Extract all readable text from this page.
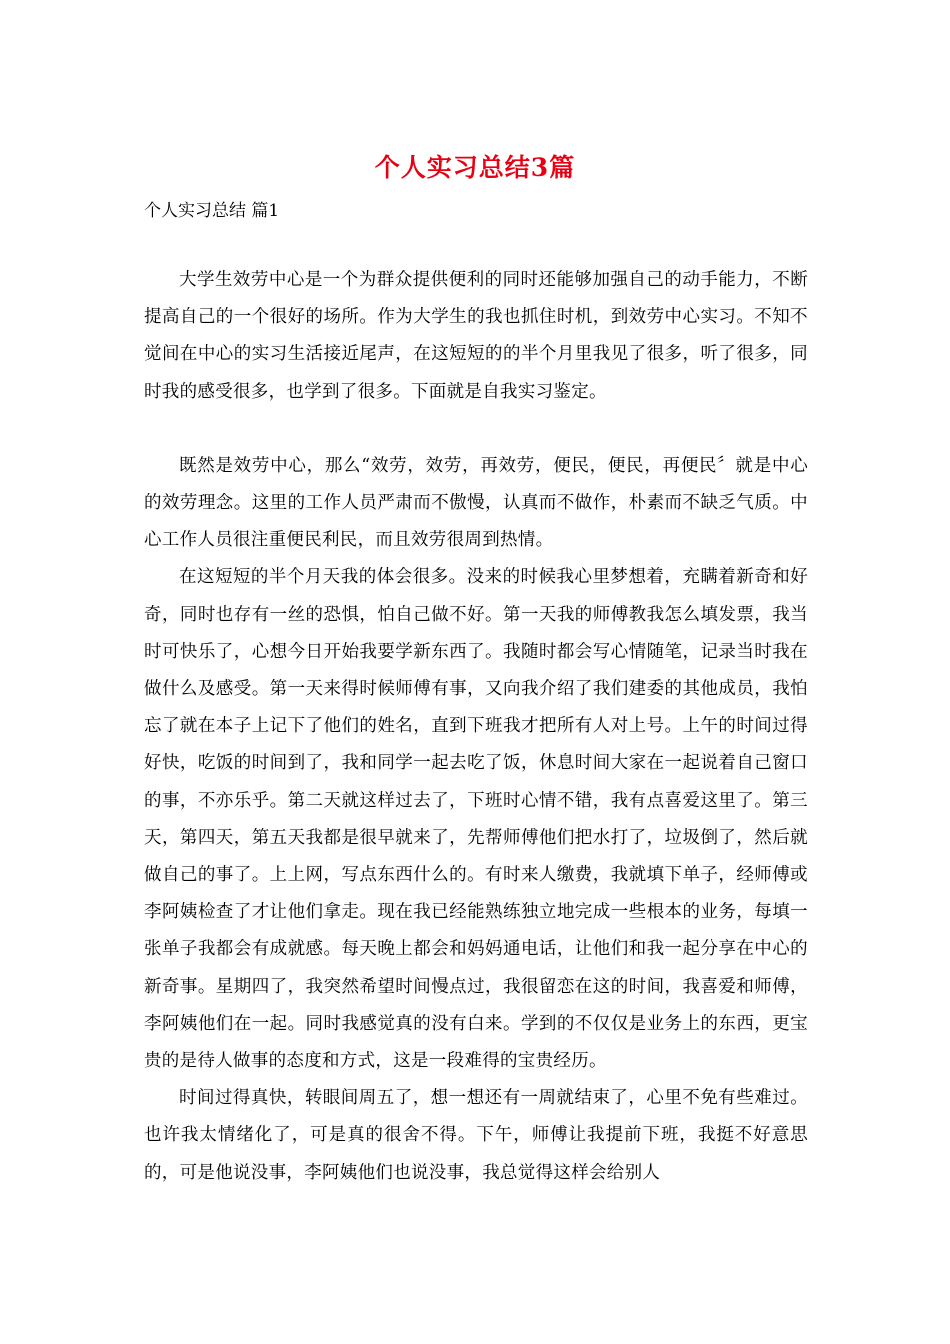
个人实习总结3篇

个人实习总结 篇1

大学生效劳中心是一个为群众提供便利的同时还能够加强自己的动手能力，不断提高自己的一个很好的场所。作为大学生的我也抓住时机，到效劳中心实习。不知不觉间在中心的实习生活接近尾声，在这短短的的半个月里我见了很多，听了很多，同时我的感受很多，也学到了很多。下面就是自我实习鉴定。

既然是效劳中心，那么“效劳，效劳，再效劳，便民，便民，再便民〞就是中心的效劳理念。这里的工作人员严肃而不傲慢，认真而不做作，朴素而不缺乏气质。中心工作人员很注重便民利民，而且效劳很周到热情。

在这短短的半个月天我的体会很多。没来的时候我心里梦想着，充瞒着新奇和好奇，同时也存有一丝的恐惧，怕自己做不好。第一天我的师傅教我怎么填发票，我当时可快乐了，心想今日开始我要学新东西了。我随时都会写心情随笔，记录当时我在做什么及感受。第一天来得时候师傅有事，又向我介绍了我们建委的其他成员，我怕忘了就在本子上记下了他们的姓名，直到下班我才把所有人对上号。上午的时间过得好快，吃饭的时间到了，我和同学一起去吃了饭，休息时间大家在一起说着自己窗口的事，不亦乐乎。第二天就这样过去了，下班时心情不错，我有点喜爱这里了。第三天，第四天，第五天我都是很早就来了，先帮师傅他们把水打了，垃圾倒了，然后就做自己的事了。上上网，写点东西什么的。有时来人缴费，我就填下单子，经师傅或李阿姨检查了才让他们拿走。现在我已经能熟练独立地完成一些根本的业务，每填一张单子我都会有成就感。每天晚上都会和妈妈通电话，让他们和我一起分享在中心的新奇事。星期四了，我突然希望时间慢点过，我很留恋在这的时间，我喜爱和师傅，李阿姨他们在一起。同时我感觉真的没有白来。学到的不仅仅是业务上的东西，更宝贵的是待人做事的态度和方式，这是一段难得的宝贵经历。

时间过得真快，转眼间周五了，想一想还有一周就结束了，心里不免有些难过。也许我太情绪化了，可是真的很舍不得。下午，师傅让我提前下班，我挺不好意思的，可是他说没事，李阿姨他们也说没事，我总觉得这样会给别人
